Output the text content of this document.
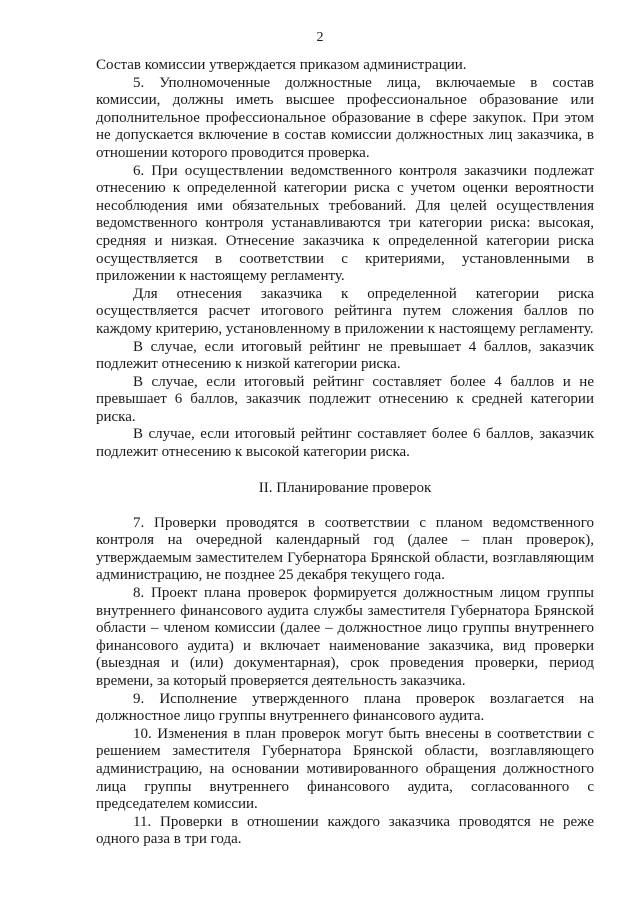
2

Состав комиссии утверждается приказом администрации.

5. Уполномоченные должностные лица, включаемые в состав комиссии, должны иметь высшее профессиональное образование или дополнительное профессиональное образование в сфере закупок. При этом не допускается включение в состав комиссии должностных лиц заказчика, в отношении которого проводится проверка.

6. При осуществлении ведомственного контроля заказчики подлежат отнесению к определенной категории риска с учетом оценки вероятности несоблюдения ими обязательных требований. Для целей осуществления ведомственного контроля устанавливаются три категории риска: высокая, средняя и низкая. Отнесение заказчика к определенной категории риска осуществляется в соответствии с критериями, установленными в приложении к настоящему регламенту.

Для отнесения заказчика к определенной категории риска осуществляется расчет итогового рейтинга путем сложения баллов по каждому критерию, установленному в приложении к настоящему регламенту.

В случае, если итоговый рейтинг не превышает 4 баллов, заказчик подлежит отнесению к низкой категории риска.

В случае, если итоговый рейтинг составляет более 4 баллов и не превышает 6 баллов, заказчик подлежит отнесению к средней категории риска.

В случае, если итоговый рейтинг составляет более 6 баллов, заказчик подлежит отнесению к высокой категории риска.

II. Планирование проверок

7. Проверки проводятся в соответствии с планом ведомственного контроля на очередной календарный год (далее – план проверок), утверждаемым заместителем Губернатора Брянской области, возглавляющим администрацию, не позднее 25 декабря текущего года.

8. Проект плана проверок формируется должностным лицом группы внутреннего финансового аудита службы заместителя Губернатора Брянской области – членом комиссии (далее – должностное лицо группы внутреннего финансового аудита) и включает наименование заказчика, вид проверки (выездная и (или) документарная), срок проведения проверки, период времени, за который проверяется деятельность заказчика.

9. Исполнение утвержденного плана проверок возлагается на должностное лицо группы внутреннего финансового аудита.

10. Изменения в план проверок могут быть внесены в соответствии с решением заместителя Губернатора Брянской области, возглавляющего администрацию, на основании мотивированного обращения должностного лица группы внутреннего финансового аудита, согласованного с председателем комиссии.

11. Проверки в отношении каждого заказчика проводятся не реже одного раза в три года.
